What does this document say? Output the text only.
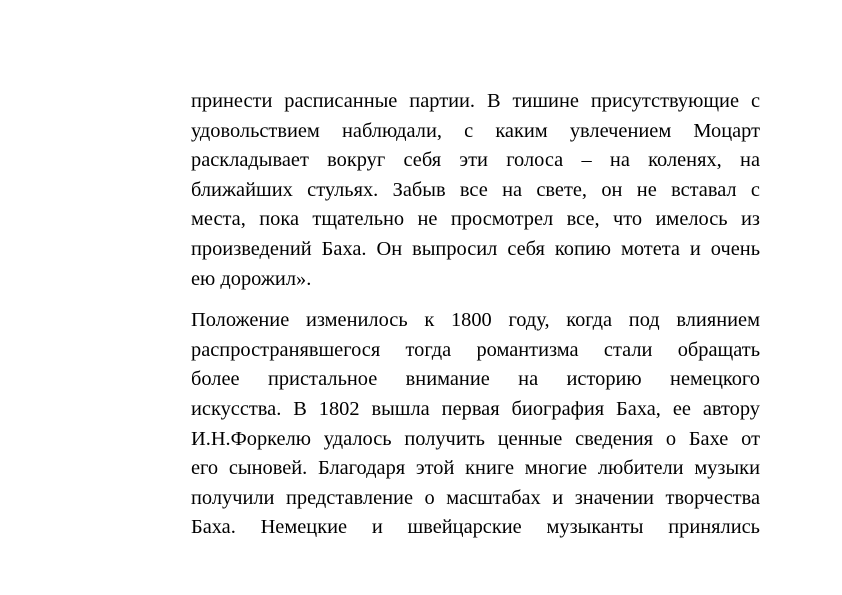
принести расписанные партии. В тишине присутствующие с
удовольствием наблюдали, с каким увлечением Моцарт
раскладывает вокруг себя эти голоса – на коленях, на
ближайших стульях. Забыв все на свете, он не вставал с
места, пока тщательно не просмотрел все, что имелось из
произведений Баха. Он выпросил себя копию мотета и очень
ею дорожил».

Положение изменилось к 1800 году, когда под влиянием
распространявшегося тогда романтизма стали обращать
более пристальное внимание на историю немецкого
искусства. В 1802 вышла первая биография Баха, ее автору
И.Н.Форкелю удалось получить ценные сведения о Бахе от
его сыновей. Благодаря этой книге многие любители музыки
получили представление о масштабах и значении творчества
Баха. Немецкие и швейцарские музыканты принялись
